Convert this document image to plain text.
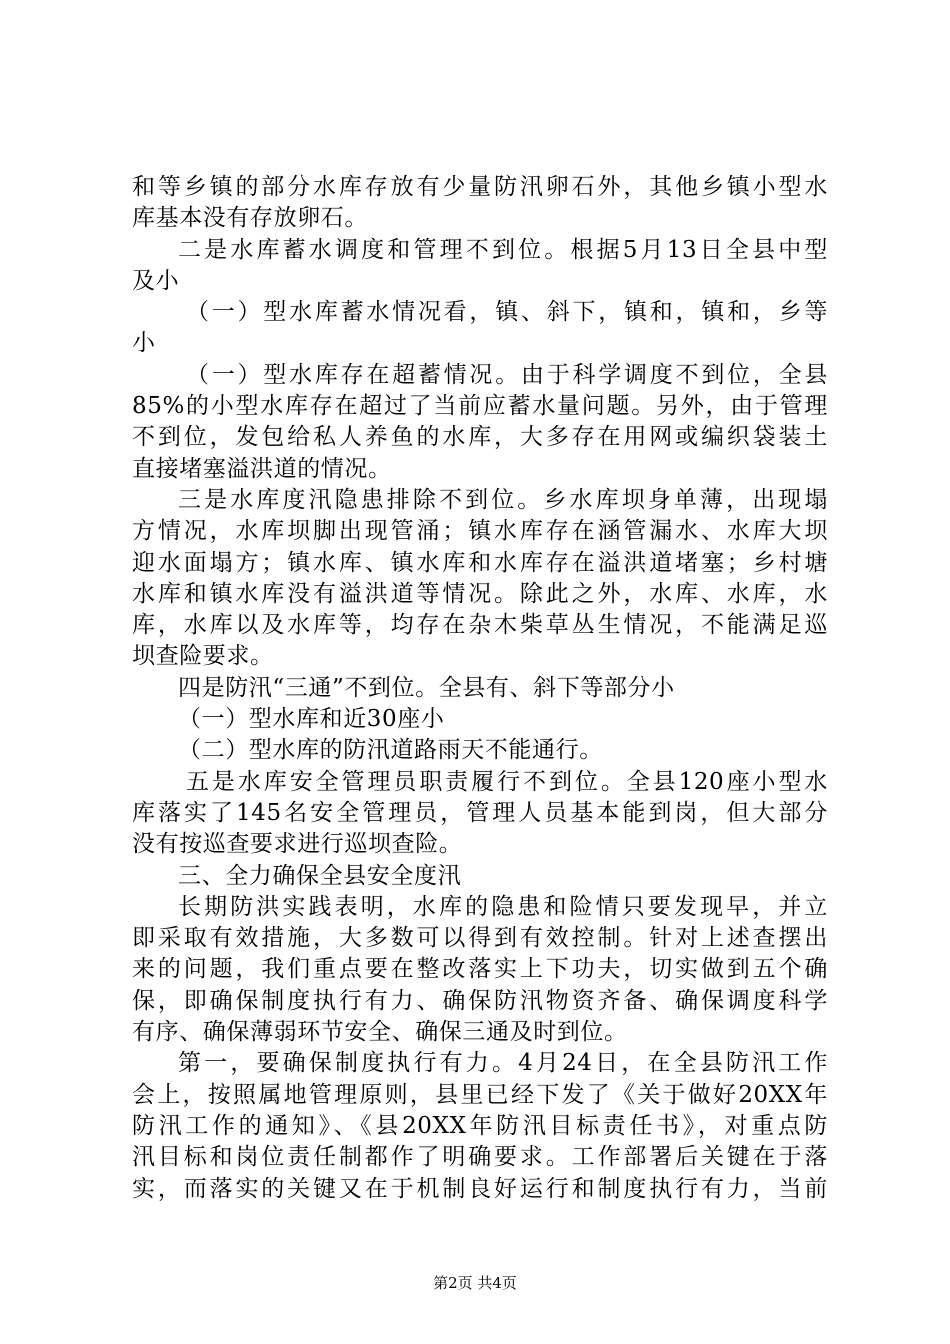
和等乡镇的部分水库存放有少量防汛卵石外，其他乡镇小型水
库基本没有存放卵石。
二是水库蓄水调度和管理不到位。根据5月13日全县中型
及小
（一）型水库蓄水情况看，镇、斜下，镇和，镇和，乡等
小
（一）型水库存在超蓄情况。由于科学调度不到位，全县
85%的小型水库存在超过了当前应蓄水量问题。另外，由于管理
不到位，发包给私人养鱼的水库，大多存在用网或编织袋装土
直接堵塞溢洪道的情况。
三是水库度汛隐患排除不到位。乡水库坝身单薄，出现塌
方情况，水库坝脚出现管涌；镇水库存在涵管漏水、水库大坝
迎水面塌方；镇水库、镇水库和水库存在溢洪道堵塞；乡村塘
水库和镇水库没有溢洪道等情况。除此之外，水库、水库，水
库，水库以及水库等，均存在杂木柴草丛生情况，不能满足巡
坝查险要求。
四是防汛“三通”不到位。全县有、斜下等部分小
（一）型水库和近30座小
（二）型水库的防汛道路雨天不能通行。
五是水库安全管理员职责履行不到位。全县120座小型水
库落实了145名安全管理员，管理人员基本能到岗，但大部分
没有按巡查要求进行巡坝查险。
三、全力确保全县安全度汛
长期防洪实践表明，水库的隐患和险情只要发现早，并立
即采取有效措施，大多数可以得到有效控制。针对上述查摆出
来的问题，我们重点要在整改落实上下功夫，切实做到五个确
保，即确保制度执行有力、确保防汛物资齐备、确保调度科学
有序、确保薄弱环节安全、确保三通及时到位。
第一，要确保制度执行有力。4月24日，在全县防汛工作
会上，按照属地管理原则，县里已经下发了《关于做好20XX年
防汛工作的通知》、《县20XX年防汛目标责任书》，对重点防
汛目标和岗位责任制都作了明确要求。工作部署后关键在于落
实，而落实的关键又在于机制良好运行和制度执行有力，当前
第2页 共4页
